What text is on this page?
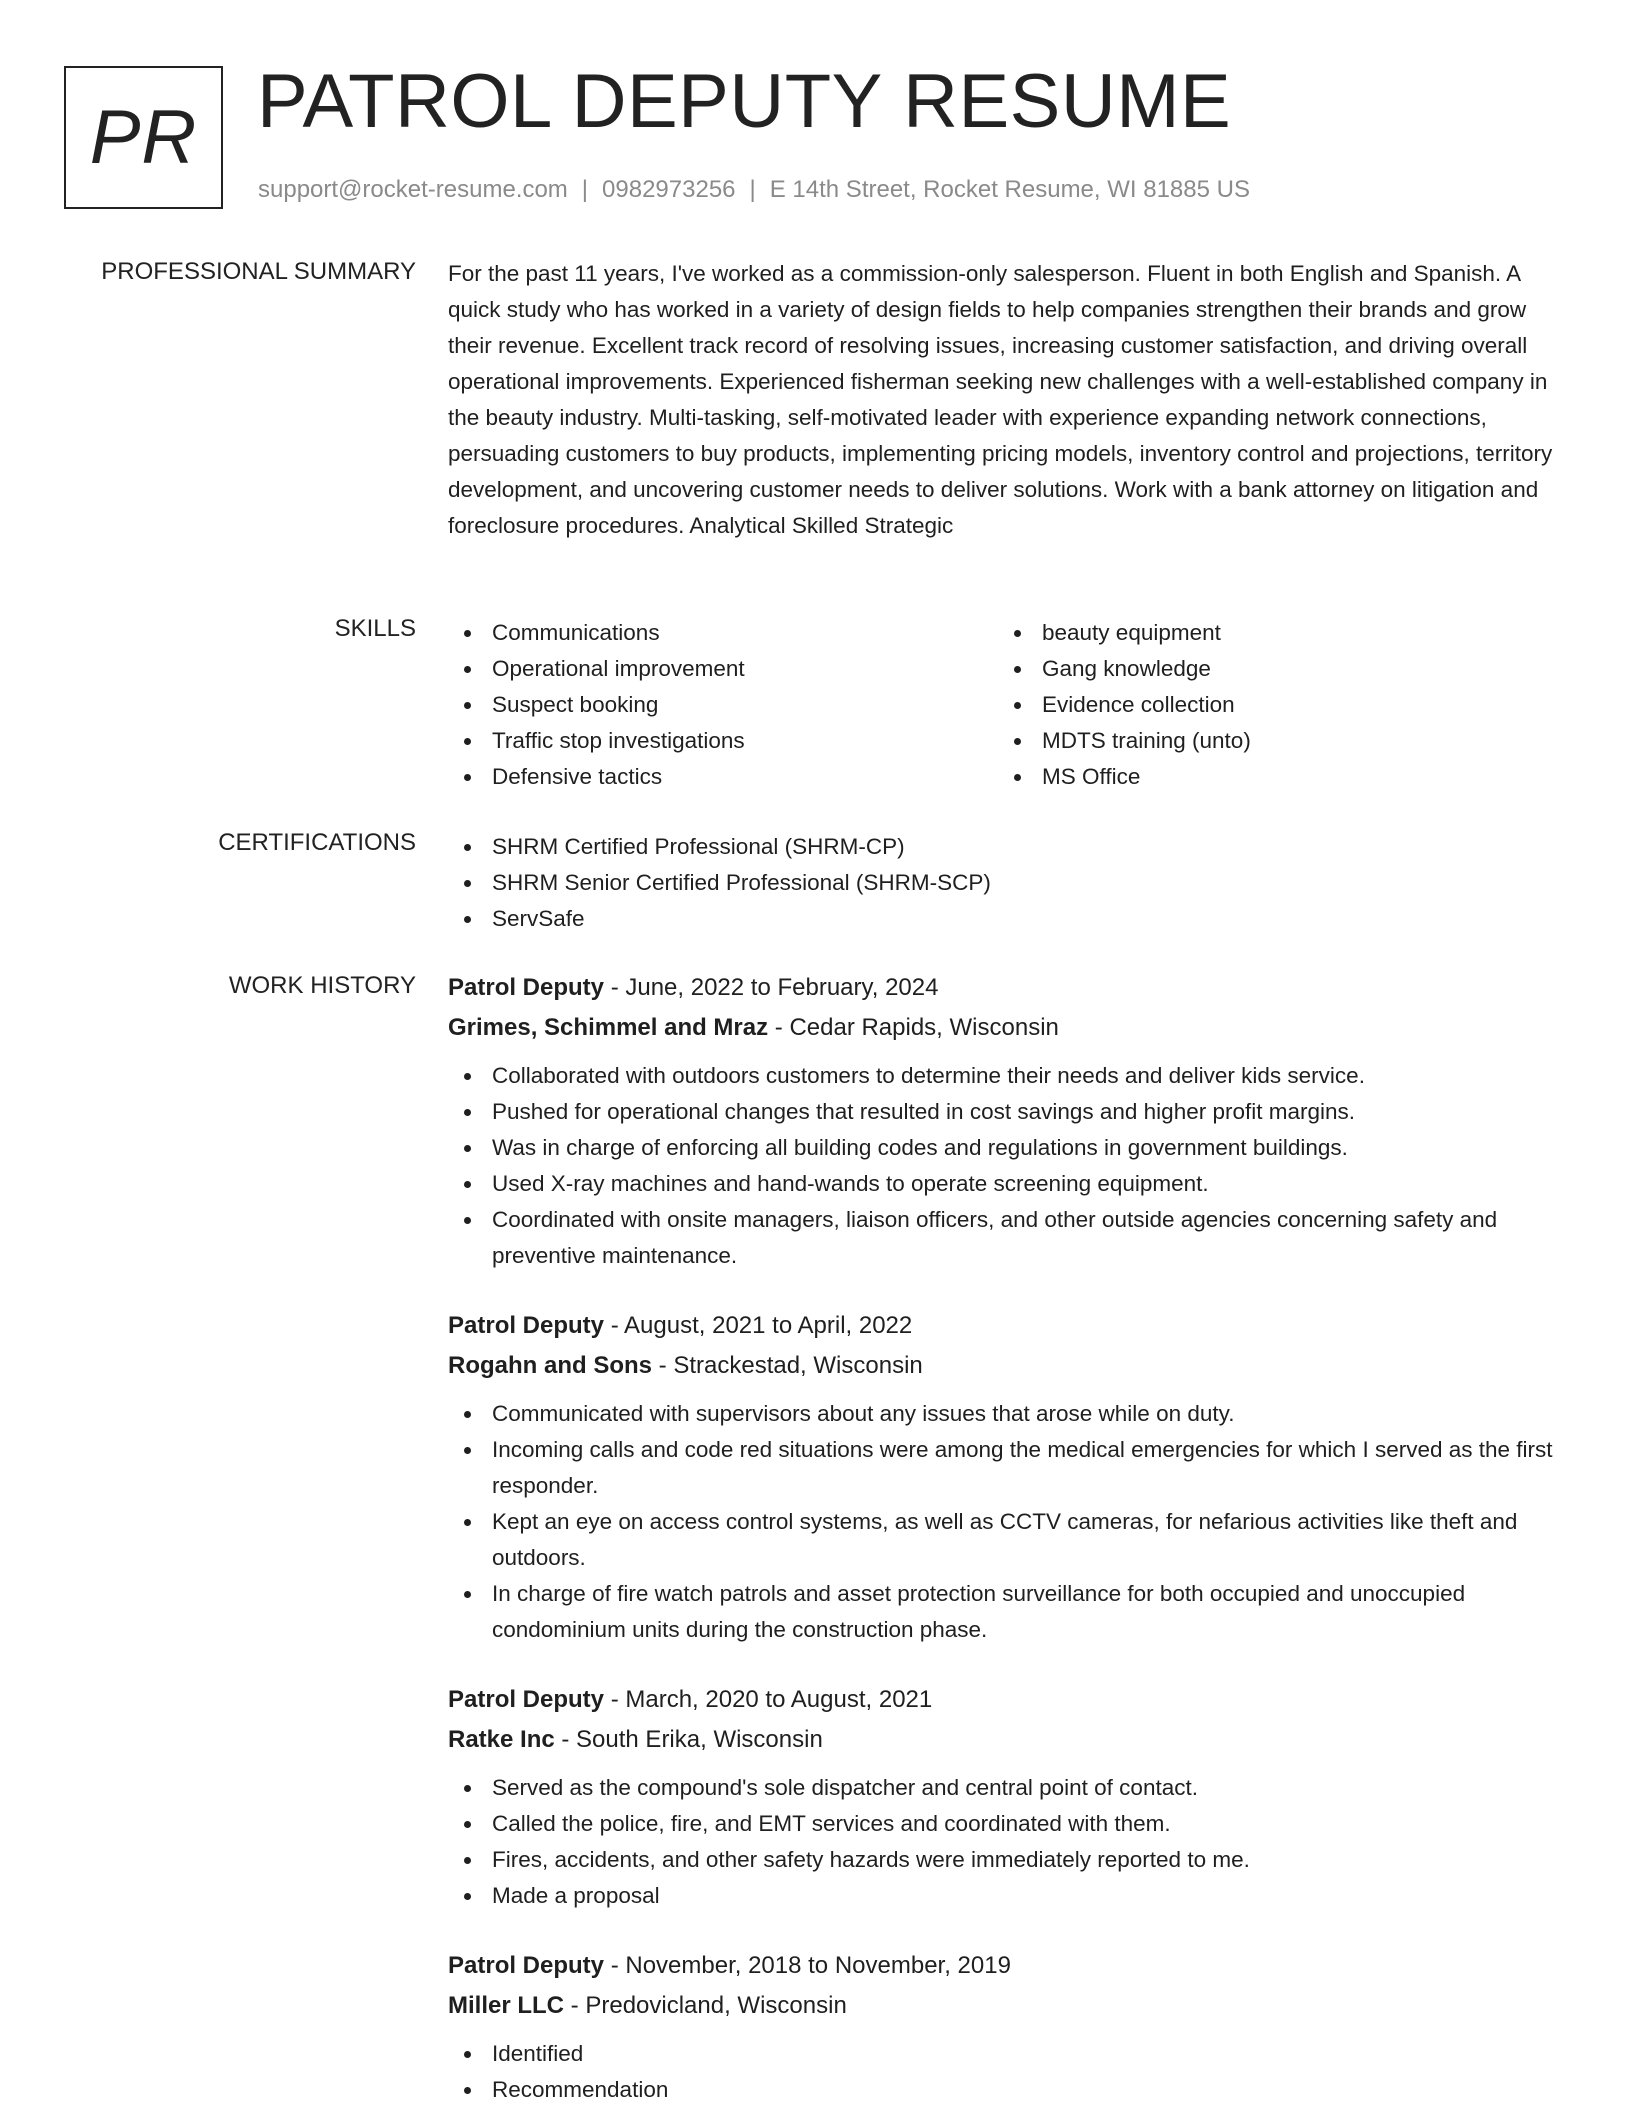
PR PATROL DEPUTY RESUME
support@rocket-resume.com | 0982973256 | E 14th Street, Rocket Resume, WI 81885 US
PROFESSIONAL SUMMARY For the past 11 years, I've worked as a commission-only salesperson. Fluent in both English and Spanish. A quick study who has worked in a variety of design fields to help companies strengthen their brands and grow their revenue. Excellent track record of resolving issues, increasing customer satisfaction, and driving overall operational improvements. Experienced fisherman seeking new challenges with a well-established company in the beauty industry. Multi-tasking, self-motivated leader with experience expanding network connections, persuading customers to buy products, implementing pricing models, inventory control and projections, territory development, and uncovering customer needs to deliver solutions. Work with a bank attorney on litigation and foreclosure procedures. Analytical Skilled Strategic
SKILLS	Communications
Operational improvement
Suspect booking
Traffic stop investigations
Defensive tactics
beauty equipment
Gang knowledge
Evidence collection
MDTS training (unto)
MS Office
CERTIFICATIONS	SHRM Certified Professional (SHRM-CP)
SHRM Senior Certified Professional (SHRM-SCP)
ServSafe
WORK HISTORY Patrol Deputy - June, 2022 to February, 2024
Grimes, Schimmel and Mraz - Cedar Rapids, Wisconsin
Collaborated with outdoors customers to determine their needs and deliver kids service.
Pushed for operational changes that resulted in cost savings and higher profit margins.
Was in charge of enforcing all building codes and regulations in government buildings.
Used X-ray machines and hand-wands to operate screening equipment.
Coordinated with onsite managers, liaison officers, and other outside agencies concerning safety and preventive maintenance.
Patrol Deputy - August, 2021 to April, 2022
Rogahn and Sons - Strackestad, Wisconsin
Communicated with supervisors about any issues that arose while on duty.
Incoming calls and code red situations were among the medical emergencies for which I served as the first responder.
Kept an eye on access control systems, as well as CCTV cameras, for nefarious activities like theft and outdoors.
In charge of fire watch patrols and asset protection surveillance for both occupied and unoccupied condominium units during the construction phase.
Patrol Deputy - March, 2020 to August, 2021
Ratke Inc - South Erika, Wisconsin
Served as the compound's sole dispatcher and central point of contact.
Called the police, fire, and EMT services and coordinated with them.
Fires, accidents, and other safety hazards were immediately reported to me.
Made a proposal
Patrol Deputy - November, 2018 to November, 2019
Miller LLC - Predovicland, Wisconsin
Identified
Recommendation
